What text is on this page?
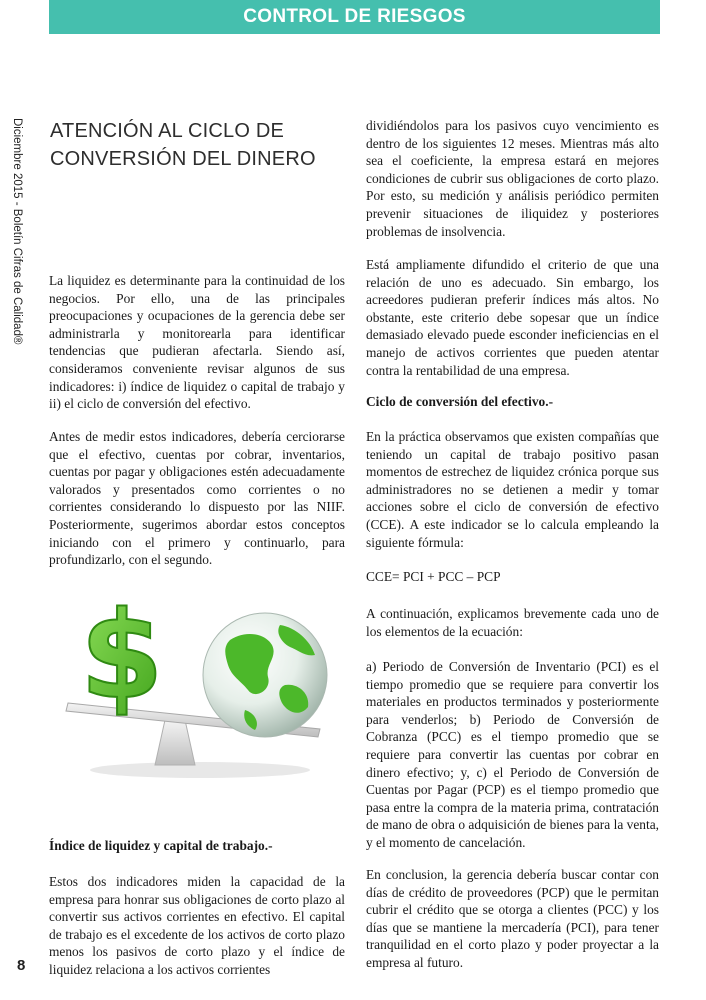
CONTROL DE RIESGOS
Diciembre 2015 - Boletín Cifras de Calidad®
8
ATENCIÓN AL CICLO DE
CONVERSIÓN DEL DINERO

La liquidez es determinante para la continuidad de los negocios. Por ello, una de las principales preocupaciones y ocupaciones de la gerencia debe ser administrarla y monitorearla para identificar tendencias que pudieran afectarla. Siendo así, consideramos conveniente revisar algunos de sus indicadores: i) índice de liquidez o capital de trabajo y ii) el ciclo de conversión del efectivo.

Antes de medir estos indicadores, debería cerciorarse que el efectivo, cuentas por cobrar, inventarios, cuentas por pagar y obligaciones estén adecuadamente valorados y presentados como corrientes o no corrientes considerando lo dispuesto por las NIIF. Posteriormente, sugerimos abordar estos conceptos iniciando con el primero y continuarlo, para profundizarlo, con el segundo.

$

Índice de liquidez y capital de trabajo.-

Estos dos indicadores miden la capacidad de la empresa para honrar sus obligaciones de corto plazo al convertir sus activos corrientes en efectivo. El capital de trabajo es el excedente de los activos de corto plazo menos los pasivos de corto plazo y el índice de liquidez relaciona a los activos corrientes

dividiéndolos para los pasivos cuyo vencimiento es dentro de los siguientes 12 meses. Mientras más alto sea el coeficiente, la empresa estará en mejores condiciones de cubrir sus obligaciones de corto plazo. Por esto, su medición y análisis periódico permiten prevenir situaciones de iliquidez y posteriores problemas de insolvencia.

Está ampliamente difundido el criterio de que una relación de uno es adecuado. Sin embargo, los acreedores pudieran preferir índices más altos. No obstante, este criterio debe sopesar que un índice demasiado elevado puede esconder ineficiencias en el manejo de activos corrientes que pueden atentar contra la rentabilidad de una empresa.

Ciclo de conversión del efectivo.-

En la práctica observamos que existen compañías que teniendo un capital de trabajo positivo pasan momentos de estrechez de liquidez crónica porque sus administradores no se detienen a medir y tomar acciones sobre el ciclo de conversión de efectivo (CCE). A este indicador se lo calcula empleando la siguiente fórmula:

CCE= PCI + PCC – PCP

A continuación, explicamos brevemente cada uno de los elementos de la ecuación:

a) Periodo de Conversión de Inventario (PCI) es el tiempo promedio que se requiere para convertir los materiales en productos terminados y posteriormente para venderlos; b) Periodo de Conversión de Cobranza (PCC) es el tiempo promedio que se requiere para convertir las cuentas por cobrar en dinero efectivo; y, c) el Periodo de Conversión de Cuentas por Pagar (PCP) es el tiempo promedio que pasa entre la compra de la materia prima, contratación de mano de obra o adquisición de bienes para la venta, y el momento de cancelación.

En conclusion, la gerencia debería buscar contar con días de crédito de proveedores (PCP) que le permitan cubrir el crédito que se otorga a clientes (PCC) y los días que se mantiene la mercadería (PCI), para tener tranquilidad en el corto plazo y poder proyectar a la empresa al futuro.
